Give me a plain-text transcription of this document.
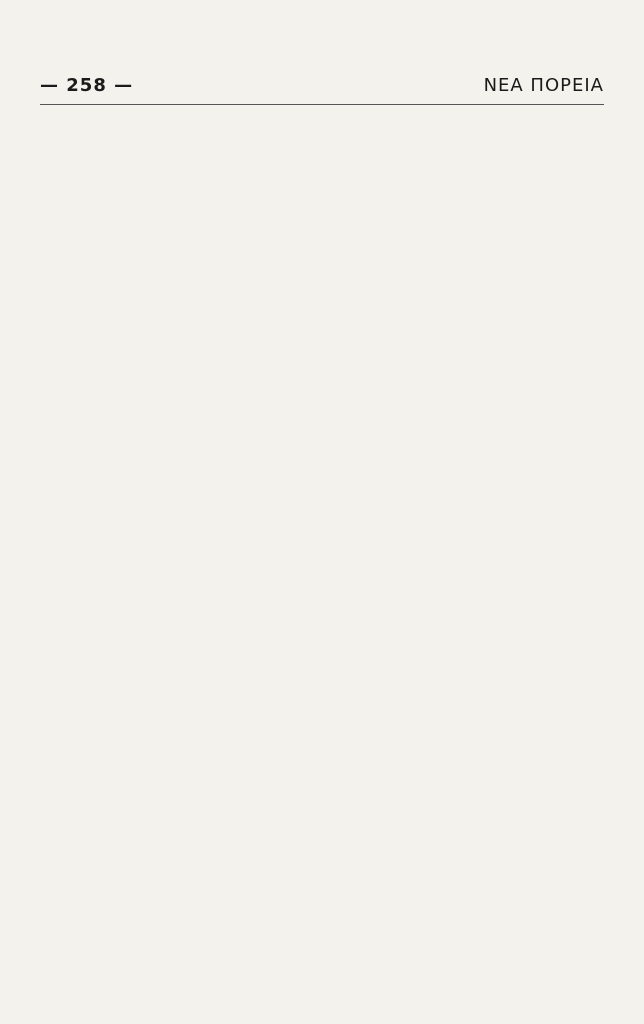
— 258 —	ΝΕΑ ΠΟΡΕΙΑ
